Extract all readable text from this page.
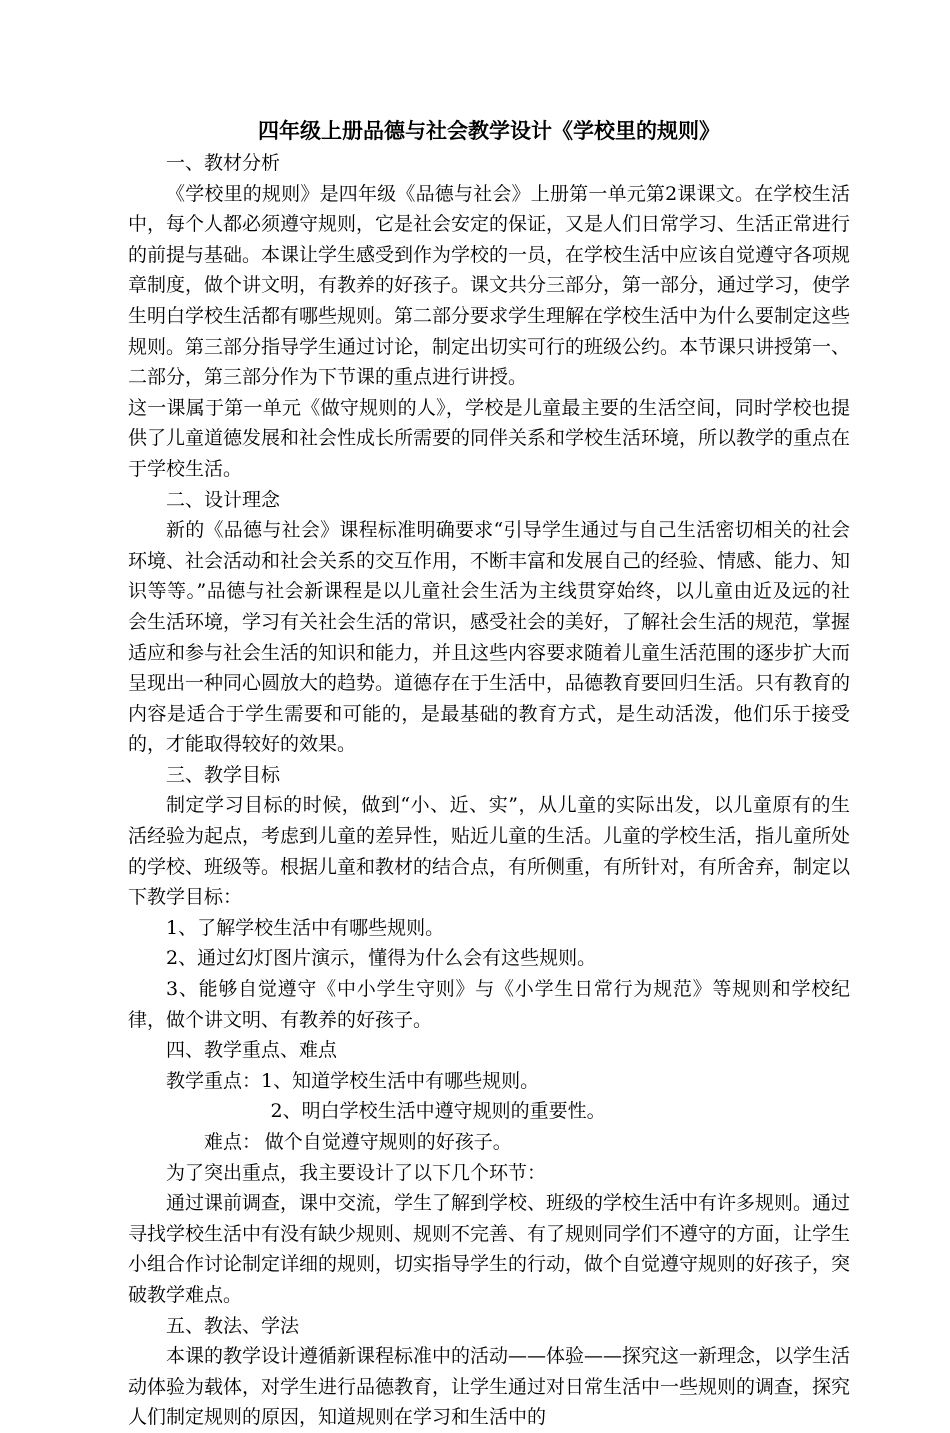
四年级上册品德与社会教学设计《学校里的规则》
一、教材分析

《学校里的规则》是四年级《品德与社会》上册第一单元第2课课文。在学校生活中，每个人都必须遵守规则，它是社会安定的保证，又是人们日常学习、生活正常进行的前提与基础。本课让学生感受到作为学校的一员，在学校生活中应该自觉遵守各项规章制度，做个讲文明，有教养的好孩子。课文共分三部分，第一部分，通过学习，使学生明白学校生活都有哪些规则。第二部分要求学生理解在学校生活中为什么要制定这些规则。第三部分指导学生通过讨论，制定出切实可行的班级公约。本节课只讲授第一、二部分，第三部分作为下节课的重点进行讲授。

这一课属于第一单元《做守规则的人》，学校是儿童最主要的生活空间，同时学校也提供了儿童道德发展和社会性成长所需要的同伴关系和学校生活环境，所以教学的重点在于学校生活。

二、设计理念

新的《品德与社会》课程标准明确要求“引导学生通过与自己生活密切相关的社会环境、社会活动和社会关系的交互作用，不断丰富和发展自己的经验、情感、能力、知识等等。”品德与社会新课程是以儿童社会生活为主线贯穿始终，以儿童由近及远的社会生活环境，学习有关社会生活的常识，感受社会的美好，了解社会生活的规范，掌握适应和参与社会生活的知识和能力，并且这些内容要求随着儿童生活范围的逐步扩大而呈现出一种同心圆放大的趋势。道德存在于生活中，品德教育要回归生活。只有教育的内容是适合于学生需要和可能的，是最基础的教育方式，是生动活泼，他们乐于接受的，才能取得较好的效果。

三、教学目标

制定学习目标的时候，做到“小、近、实”，从儿童的实际出发，以儿童原有的生活经验为起点，考虑到儿童的差异性，贴近儿童的生活。儿童的学校生活，指儿童所处的学校、班级等。根据儿童和教材的结合点，有所侧重，有所针对，有所舍弃，制定以下教学目标：

1、了解学校生活中有哪些规则。

2、通过幻灯图片演示，懂得为什么会有这些规则。

3、能够自觉遵守《中小学生守则》与《小学生日常行为规范》等规则和学校纪律，做个讲文明、有教养的好孩子。

四、教学重点、难点

教学重点：1、知道学校生活中有哪些规则。

2、明白学校生活中遵守规则的重要性。

难点： 做个自觉遵守规则的好孩子。

为了突出重点，我主要设计了以下几个环节：

通过课前调查，课中交流，学生了解到学校、班级的学校生活中有许多规则。通过寻找学校生活中有没有缺少规则、规则不完善、有了规则同学们不遵守的方面，让学生小组合作讨论制定详细的规则，切实指导学生的行动，做个自觉遵守规则的好孩子，突破教学难点。

五、教法、学法

本课的教学设计遵循新课程标准中的活动——体验——探究这一新理念，以学生活动体验为载体，对学生进行品德教育，让学生通过对日常生活中一些规则的调查，探究人们制定规则的原因，知道规则在学习和生活中的
